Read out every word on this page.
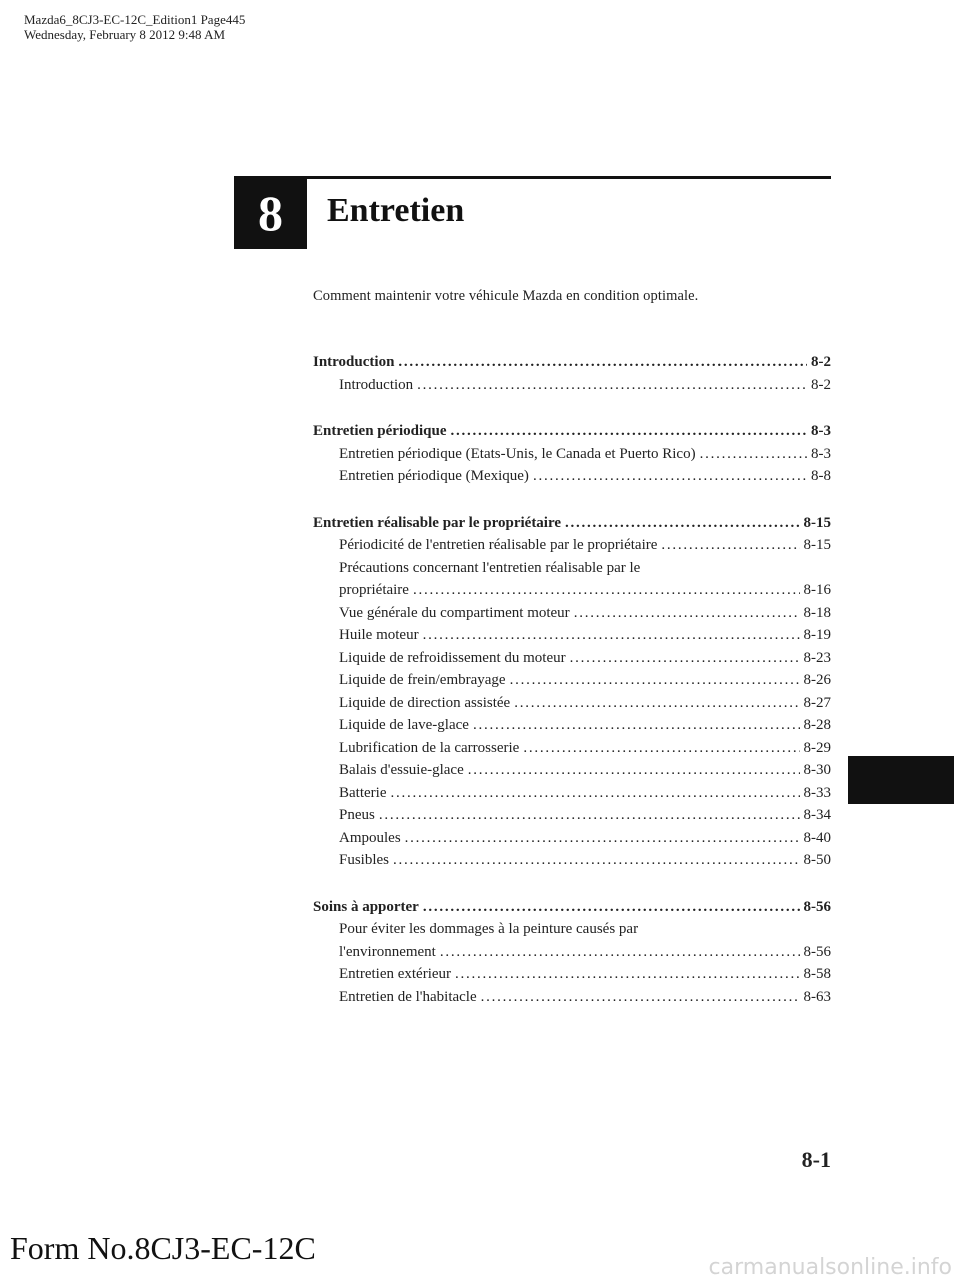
Mazda6_8CJ3-EC-12C_Edition1 Page445
Wednesday, February 8 2012 9:48 AM
8 Entretien
Comment maintenir votre véhicule Mazda en condition optimale.
Introduction . . .	8-2
Introduction . . .	8-2
Entretien périodique . . .	8-3
Entretien périodique (Etats-Unis, le Canada et Puerto Rico) . . .	8-3
Entretien périodique (Mexique) . . .	8-8
Entretien réalisable par le propriétaire . . .	8-15
Périodicité de l'entretien réalisable par le propriétaire . . .	8-15
Précautions concernant l'entretien réalisable par le
propriétaire . . .	8-16
Vue générale du compartiment moteur . . .	8-18
Huile moteur . . .	8-19
Liquide de refroidissement du moteur . . .	8-23
Liquide de frein/embrayage . . .	8-26
Liquide de direction assistée . . .	8-27
Liquide de lave-glace . . .	8-28
Lubrification de la carrosserie . . .	8-29
Balais d'essuie-glace . . .	8-30
Batterie . . .	8-33
Pneus . . .	8-34
Ampoules . . .	8-40
Fusibles . . .	8-50
Soins à apporter . . .	8-56
Pour éviter les dommages à la peinture causés par
l'environnement . . .	8-56
Entretien extérieur . . .	8-58
Entretien de l'habitacle . . .	8-63
8-1
Form No.8CJ3-EC-12C
carmanualsonline.info
